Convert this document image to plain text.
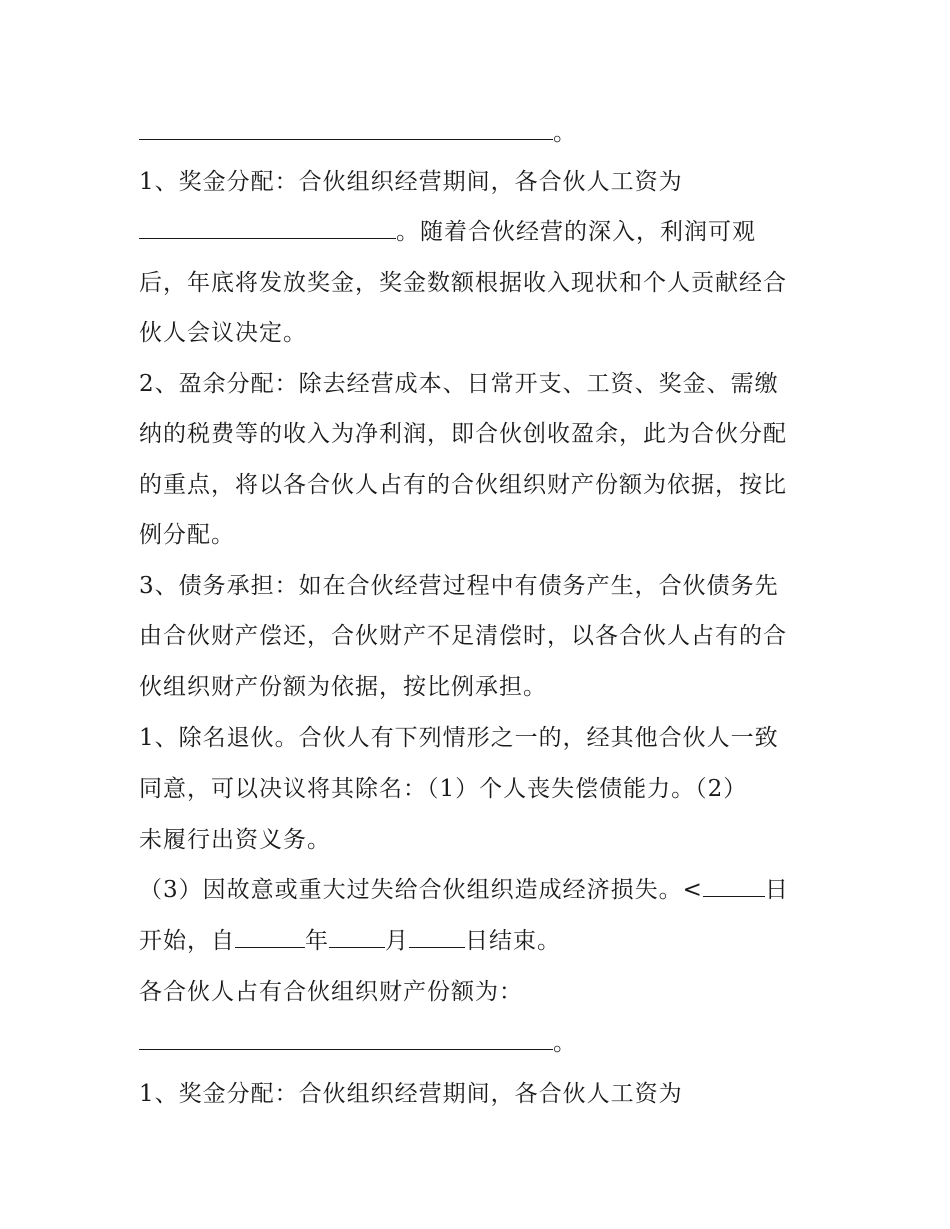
。
1、奖金分配：合伙组织经营期间，各合伙人工资为
。随着合伙经营的深入，利润可观
后，年底将发放奖金，奖金数额根据收入现状和个人贡献经合
伙人会议决定。
2、盈余分配：除去经营成本、日常开支、工资、奖金、需缴
纳的税费等的收入为净利润，即合伙创收盈余，此为合伙分配
的重点，将以各合伙人占有的合伙组织财产份额为依据，按比
例分配。
3、债务承担：如在合伙经营过程中有债务产生，合伙债务先
由合伙财产偿还，合伙财产不足清偿时，以各合伙人占有的合
伙组织财产份额为依据，按比例承担。
1、除名退伙。合伙人有下列情形之一的，经其他合伙人一致
同意，可以决议将其除名：（1）个人丧失偿债能力。（2）
未履行出资义务。
（3）因故意或重大过失给合伙组织造成经济损失。<	日
开始，自	年 月 日结束。
各合伙人占有合伙组织财产份额为：
。
1、奖金分配：合伙组织经营期间，各合伙人工资为
